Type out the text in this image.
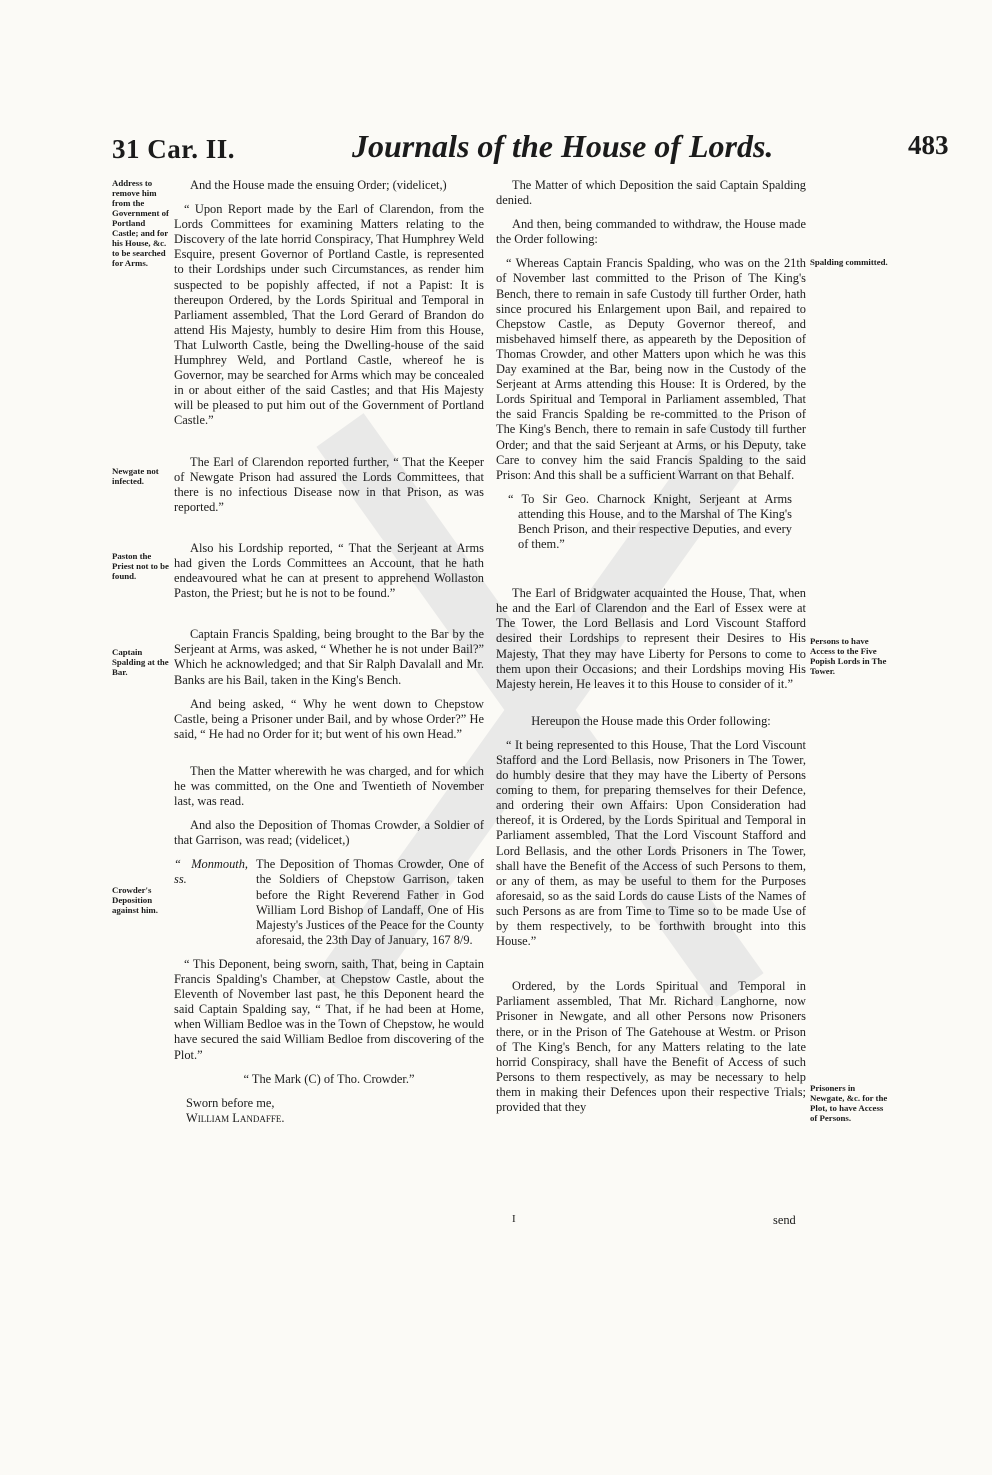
31 Car. II.	Journals of the House of Lords.	483
Address to remove him from the Government of Portland Castle; and for his House, &c. to be searched for Arms.
Newgate not infected.
Paston the Priest not to be found.
Captain Spalding at the Bar.
Crowder's Deposition against him.
Spalding committed.
Persons to have Access to the Five Popish Lords in The Tower.
Prisoners in Newgate, &c. for the Plot, to have Access of Persons.

And the House made the ensuing Order; (videlicet,)

“ Upon Report made by the Earl of Clarendon, from the Lords Committees for examining Matters relating to the Discovery of the late horrid Conspiracy, That Humphrey Weld Esquire, present Governor of Portland Castle, is represented to their Lordships under such Circumstances, as render him suspected to be popishly affected, if not a Papist: It is thereupon Ordered, by the Lords Spiritual and Temporal in Parliament assembled, That the Lord Gerard of Brandon do attend His Majesty, humbly to desire Him from this House, That Lulworth Castle, being the Dwelling-house of the said Humphrey Weld, and Portland Castle, whereof he is Governor, may be searched for Arms which may be concealed in or about either of the said Castles; and that His Majesty will be pleased to put him out of the Government of Portland Castle.”

The Earl of Clarendon reported further, “ That the Keeper of Newgate Prison had assured the Lords Committees, that there is no infectious Disease now in that Prison, as was reported.”

Also his Lordship reported, “ That the Serjeant at Arms had given the Lords Committees an Account, that he hath endeavoured what he can at present to apprehend Wollaston Paston, the Priest; but he is not to be found.”

Captain Francis Spalding, being brought to the Bar by the Serjeant at Arms, was asked, “ Whether he is not under Bail?” Which he acknowledged; and that Sir Ralph Davalall and Mr. Banks are his Bail, taken in the King's Bench.

And being asked, “ Why he went down to Chepstow Castle, being a Prisoner under Bail, and by whose Order?” He said, “ He had no Order for it; but went of his own Head.”

Then the Matter wherewith he was charged, and for which he was committed, on the One and Twentieth of November last, was read.

And also the Deposition of Thomas Crowder, a Soldier of that Garrison, was read; (videlicet,)

“ Monmouth, ss.
The Deposition of Thomas Crowder, One of the Soldiers of Chepstow Garrison, taken before the Right Reverend Father in God William Lord Bishop of Landaff, One of His Majesty's Justices of the Peace for the County aforesaid, the 23th Day of January, 167 8/9.

“ This Deponent, being sworn, saith, That, being in Captain Francis Spalding's Chamber, at Chepstow Castle, about the Eleventh of November last past, he this Deponent heard the said Captain Spalding say, “ That, if he had been at Home, when William Bedloe was in the Town of Chepstow, he would have secured the said William Bedloe from discovering of the Plot.”

“ The Mark (C) of Tho. Crowder.”

Sworn before me,

William Landaffe.

The Matter of which Deposition the said Captain Spalding denied.

And then, being commanded to withdraw, the House made the Order following:

“ Whereas Captain Francis Spalding, who was on the 21th of November last committed to the Prison of The King's Bench, there to remain in safe Custody till further Order, hath since procured his Enlargement upon Bail, and repaired to Chepstow Castle, as Deputy Governor thereof, and misbehaved himself there, as appeareth by the Deposition of Thomas Crowder, and other Matters upon which he was this Day examined at the Bar, being now in the Custody of the Serjeant at Arms attending this House: It is Ordered, by the Lords Spiritual and Temporal in Parliament assembled, That the said Francis Spalding be re-committed to the Prison of The King's Bench, there to remain in safe Custody till further Order; and that the said Serjeant at Arms, or his Deputy, take Care to convey him the said Francis Spalding to the said Prison: And this shall be a sufficient Warrant on that Behalf.

“ To Sir Geo. Charnock Knight, Serjeant at Arms attending this House, and to the Marshal of The King's Bench Prison, and their respective Deputies, and every of them.”

The Earl of Bridgwater acquainted the House, That, when he and the Earl of Clarendon and the Earl of Essex were at The Tower, the Lord Bellasis and Lord Viscount Stafford desired their Lordships to represent their Desires to His Majesty, That they may have Liberty for Persons to come to them upon their Occasions; and their Lordships moving His Majesty herein, He leaves it to this House to consider of it.”

Hereupon the House made this Order following:

“ It being represented to this House, That the Lord Viscount Stafford and the Lord Bellasis, now Prisoners in The Tower, do humbly desire that they may have the Liberty of Persons coming to them, for preparing themselves for their Defence, and ordering their own Affairs: Upon Consideration had thereof, it is Ordered, by the Lords Spiritual and Temporal in Parliament assembled, That the Lord Viscount Stafford and Lord Bellasis, and the other Lords Prisoners in The Tower, shall have the Benefit of the Access of such Persons to them, or any of them, as may be useful to them for the Purposes aforesaid, so as the said Lords do cause Lists of the Names of such Persons as are from Time to Time so to be made Use of by them respectively, to be forthwith brought into this House.”

Ordered, by the Lords Spiritual and Temporal in Parliament assembled, That Mr. Richard Langhorne, now Prisoner in Newgate, and all other Persons now Prisoners there, or in the Prison of The Gatehouse at Westm. or Prison of The King's Bench, for any Matters relating to the late horrid Conspiracy, shall have the Benefit of Access of such Persons to them respectively, as may be necessary to help them in making their Defences upon their respective Trials; provided that they

I	send
